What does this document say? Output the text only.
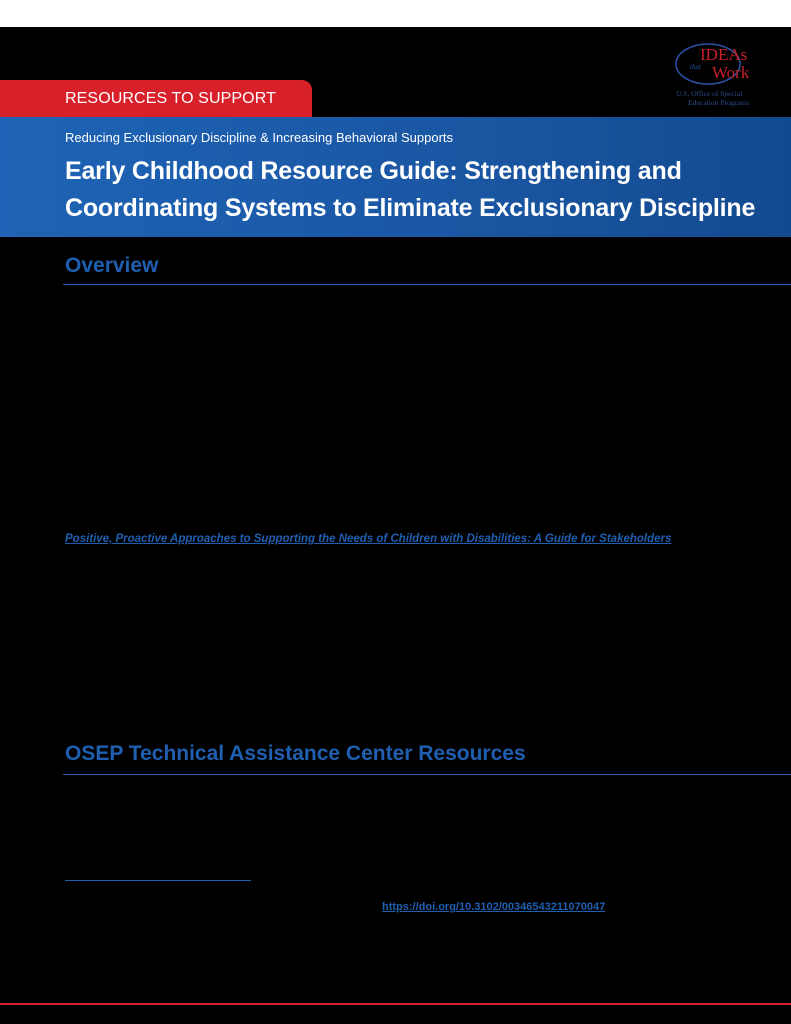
RESOURCES TO SUPPORT
IDEAs
that Work
U.S. Office of Special
Education Programs
Reducing Exclusionary Discipline & Increasing Behavioral Supports
Early Childhood Resource Guide: Strengthening and Coordinating Systems to Eliminate Exclusionary Discipline
Overview
Positive, Proactive Approaches to Supporting the Needs of Children with Disabilities: A Guide for Stakeholders
OSEP Technical Assistance Center Resources
https://doi.org/10.3102/00346543211070047
